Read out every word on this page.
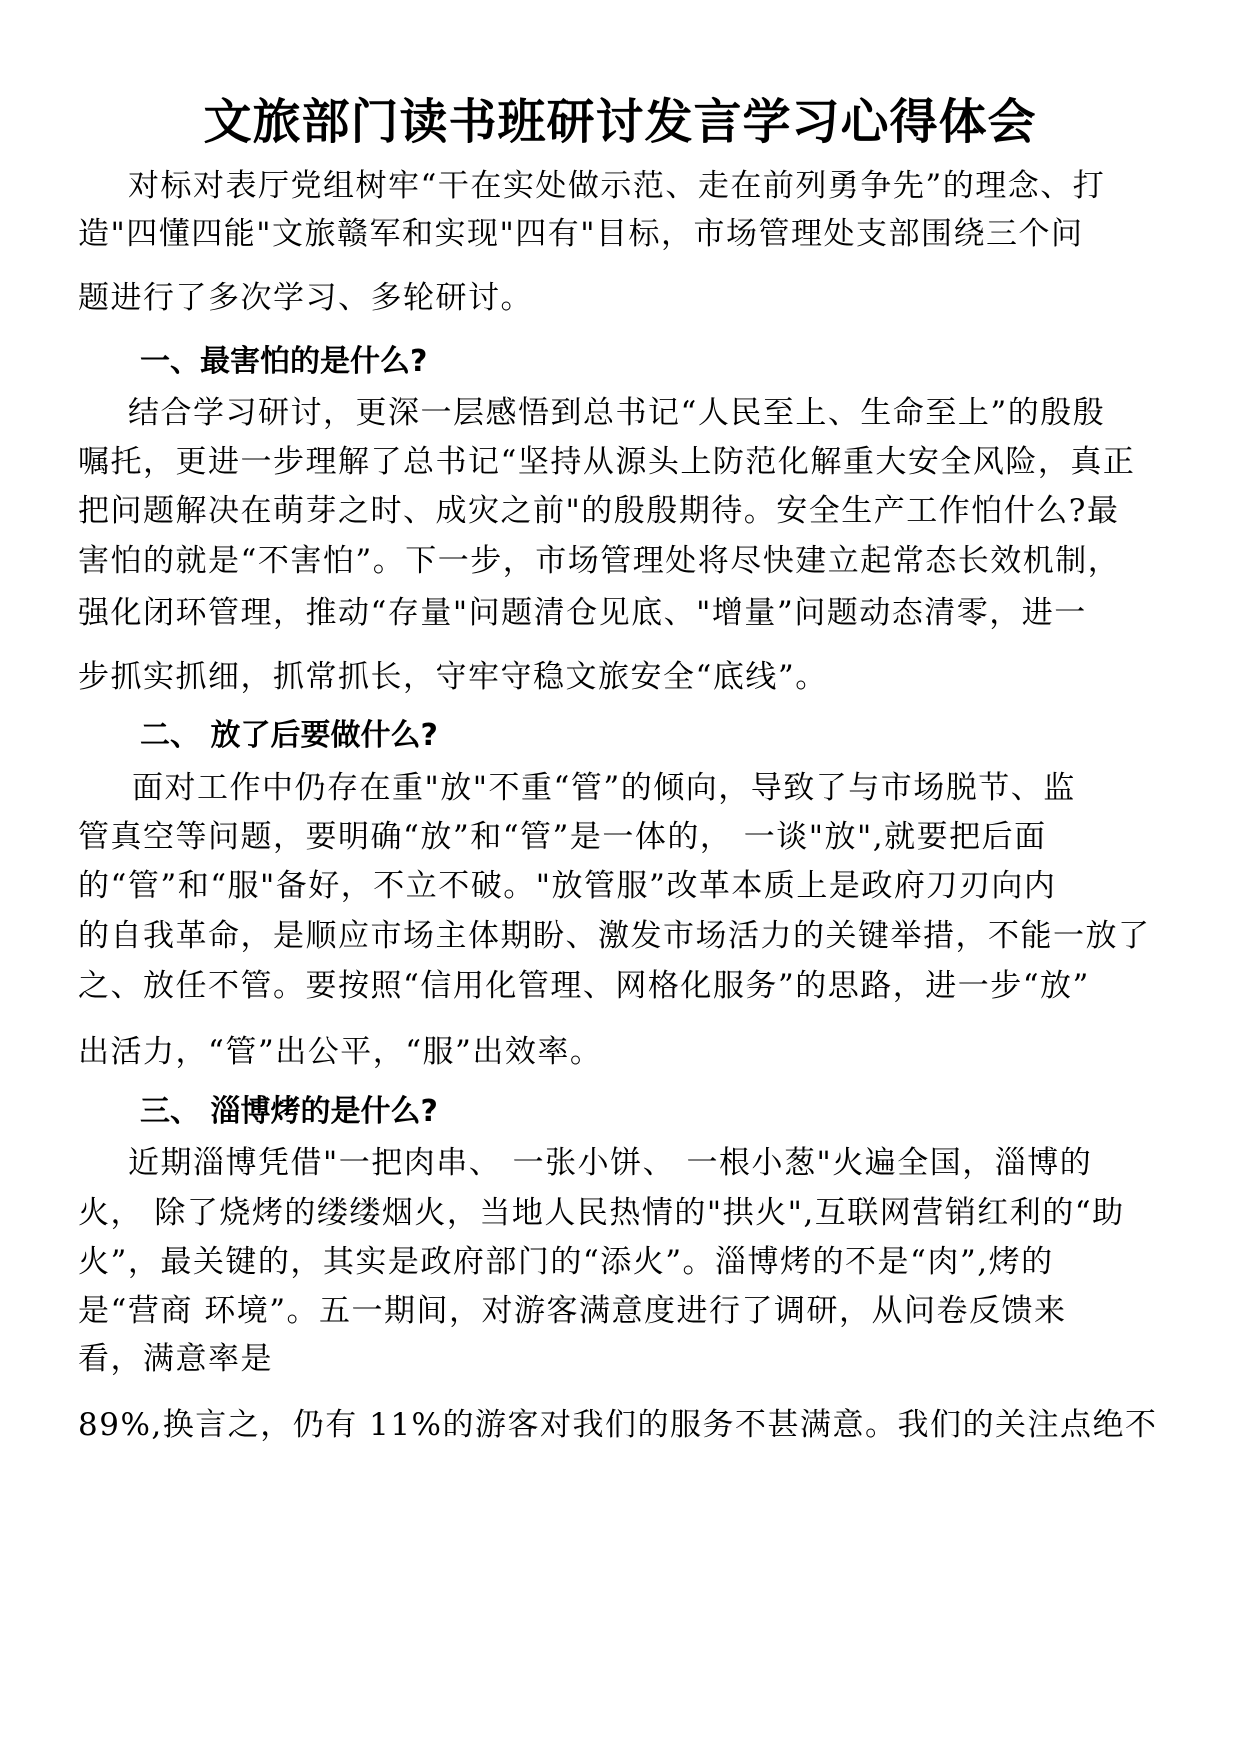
文旅部门读书班研讨发言学习心得体会

对标对表厅党组树牢“干在实处做示范、走在前列勇争先”的理念、打

造"四懂四能"文旅赣军和实现"四有"目标，市场管理处支部围绕三个问

题进行了多次学习、多轮研讨。

一、最害怕的是什么?

结合学习研讨，更深一层感悟到总书记“人民至上、生命至上”的殷殷

嘱托，更进一步理解了总书记“坚持从源头上防范化解重大安全风险，真正

把问题解决在萌芽之时、成灾之前"的殷殷期待。安全生产工作怕什么?最

害怕的就是“不害怕”。下一步，市场管理处将尽快建立起常态长效机制，

强化闭环管理，推动“存量"问题清仓见底、"增量”问题动态清零，进一

步抓实抓细，抓常抓长，守牢守稳文旅安全“底线”。

二、 放了后要做什么?

面对工作中仍存在重"放"不重“管”的倾向，导致了与市场脱节、监

管真空等问题，要明确“放”和“管”是一体的， 一谈"放",就要把后面

的“管”和“服"备好，不立不破。"放管服”改革本质上是政府刀刃向内

的自我革命，是顺应市场主体期盼、激发市场活力的关键举措，不能一放了

之、放任不管。要按照“信用化管理、网格化服务”的思路，进一步“放”

出活力，“管”出公平，“服”出效率。

三、 淄博烤的是什么?

近期淄博凭借"一把肉串、 一张小饼、 一根小葱"火遍全国，淄博的

火， 除了烧烤的缕缕烟火，当地人民热情的"拱火",互联网营销红利的“助

火”，最关键的，其实是政府部门的“添火”。淄博烤的不是“肉”,烤的

是“营商 环境”。五一期间，对游客满意度进行了调研，从问卷反馈来

看，满意率是

89%,换言之，仍有 11%的游客对我们的服务不甚满意。我们的关注点绝不
